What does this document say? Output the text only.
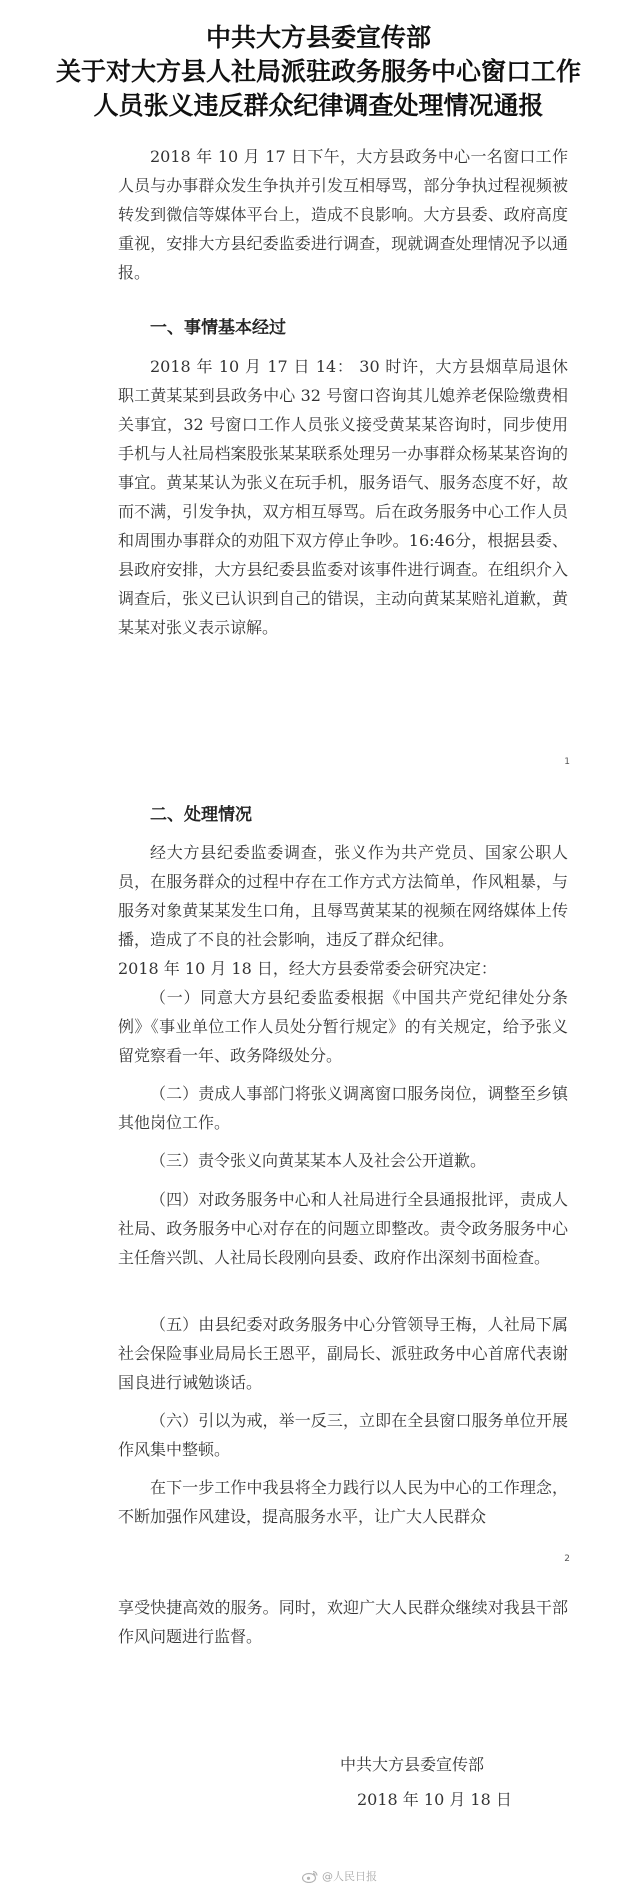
中共大方县委宣传部
关于对大方县人社局派驻政务服务中心窗口工作
人员张义违反群众纪律调查处理情况通报

2018 年 10 月 17 日下午，大方县政务中心一名窗口工作人员与办事群众发生争执并引发互相辱骂，部分争执过程视频被转发到微信等媒体平台上，造成不良影响。大方县委、政府高度重视，安排大方县纪委监委进行调查，现就调查处理情况予以通报。

一、事情基本经过

2018 年 10 月 17 日 14： 30 时许，大方县烟草局退休职工黄某某到县政务中心 32 号窗口咨询其儿媳养老保险缴费相关事宜，32 号窗口工作人员张义接受黄某某咨询时，同步使用手机与人社局档案股张某某联系处理另一办事群众杨某某咨询的事宜。黄某某认为张义在玩手机，服务语气、服务态度不好，故而不满，引发争执，双方相互辱骂。后在政务服务中心工作人员和周围办事群众的劝阻下双方停止争吵。16:46分，根据县委、县政府安排，大方县纪委县监委对该事件进行调查。在组织介入调查后，张义已认识到自己的错误，主动向黄某某赔礼道歉，黄某某对张义表示谅解。

1
二、处理情况

经大方县纪委监委调查，张义作为共产党员、国家公职人员，在服务群众的过程中存在工作方式方法简单，作风粗暴，与服务对象黄某某发生口角，且辱骂黄某某的视频在网络媒体上传播，造成了不良的社会影响，违反了群众纪律。

2018 年 10 月 18 日，经大方县委常委会研究决定：

（一）同意大方县纪委监委根据《中国共产党纪律处分条例》《事业单位工作人员处分暂行规定》的有关规定，给予张义留党察看一年、政务降级处分。

（二）责成人事部门将张义调离窗口服务岗位，调整至乡镇其他岗位工作。

（三）责令张义向黄某某本人及社会公开道歉。

（四）对政务服务中心和人社局进行全县通报批评，责成人社局、政务服务中心对存在的问题立即整改。责令政务服务中心主任詹兴凯、人社局长段刚向县委、政府作出深刻书面检查。

（五）由县纪委对政务服务中心分管领导王梅，人社局下属社会保险事业局局长王恩平，副局长、派驻政务中心首席代表谢国良进行诫勉谈话。

（六）引以为戒，举一反三，立即在全县窗口服务单位开展作风集中整顿。

在下一步工作中我县将全力践行以人民为中心的工作理念，不断加强作风建设，提高服务水平，让广大人民群众

2

享受快捷高效的服务。同时，欢迎广大人民群众继续对我县干部作风问题进行监督。

中共大方县委宣传部
2018 年 10 月 18 日
@人民日报
